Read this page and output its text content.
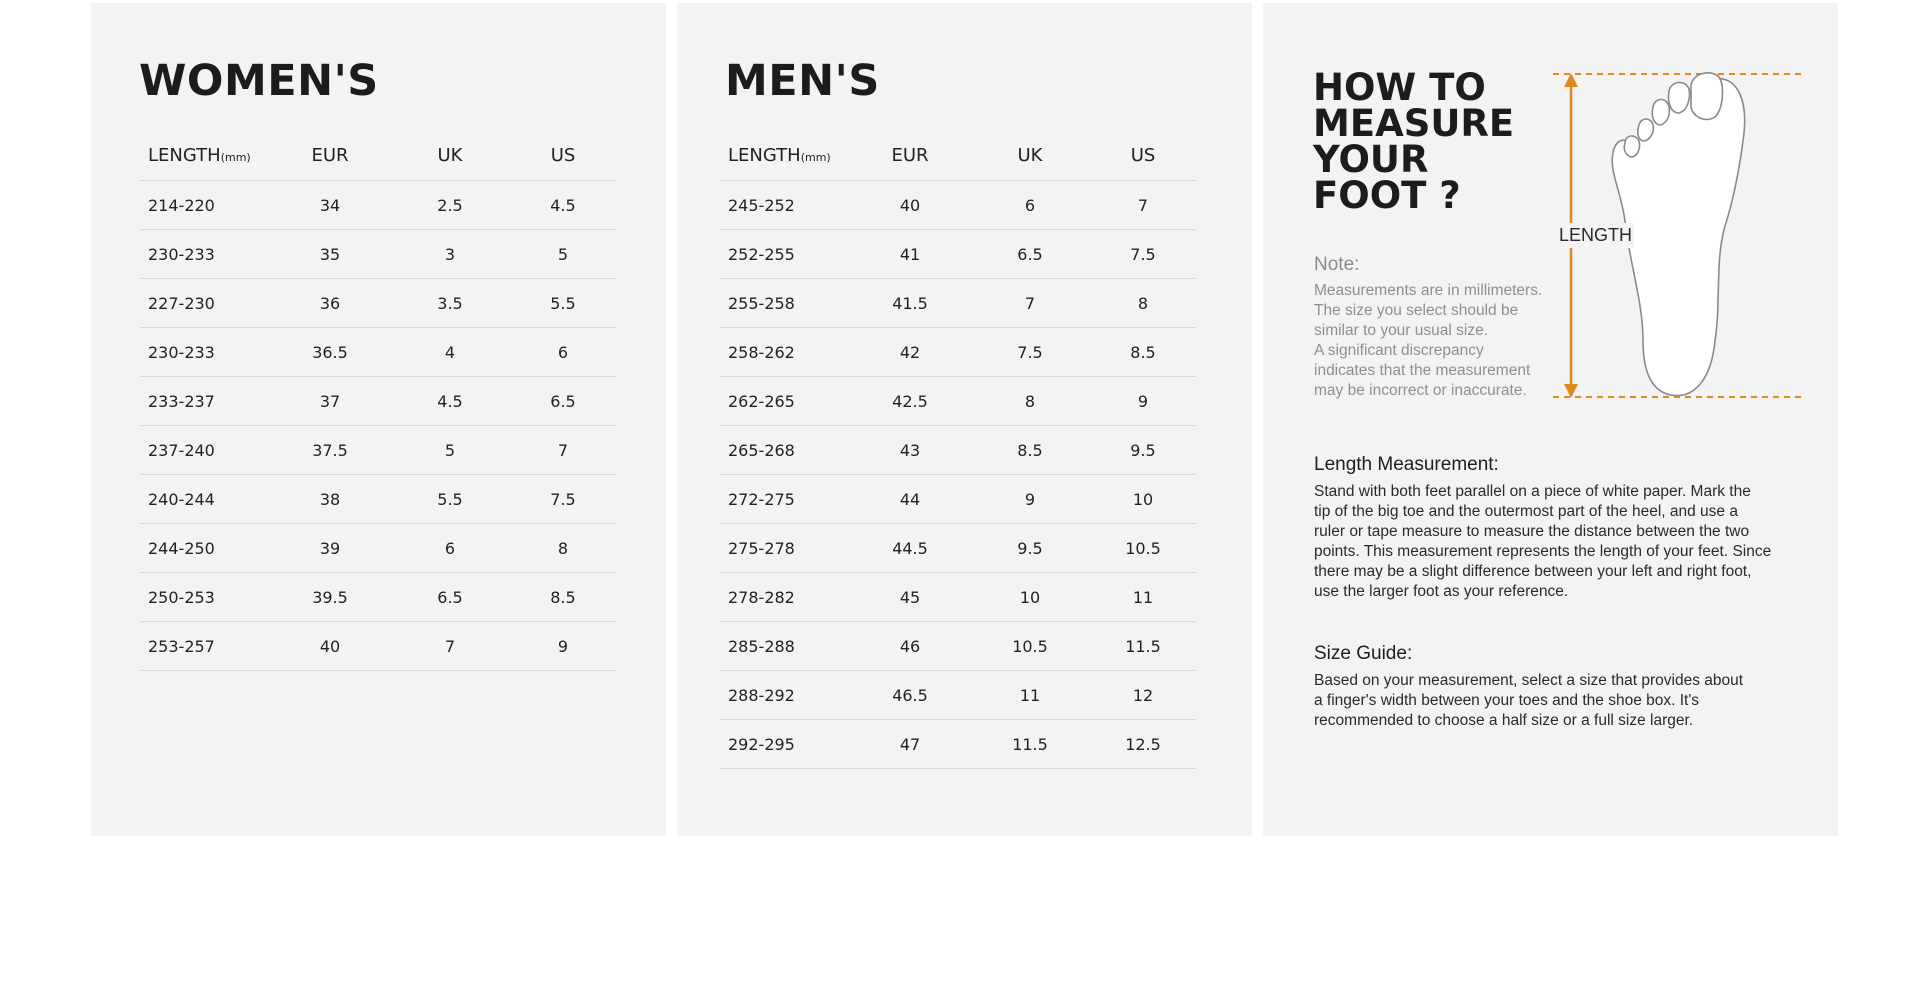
WOMEN'S
LENGTH(mm)	EUR	UK	US
214-220	34	2.5	4.5
230-233	35	3	5
227-230	36	3.5	5.5
230-233	36.5	4	6
233-237	37	4.5	6.5
237-240	37.5	5	7
240-244	38	5.5	7.5
244-250	39	6	8
250-253	39.5	6.5	8.5
253-257	40	7	9
MEN'S
LENGTH(mm)	EUR	UK	US
245-252	40	6	7
252-255	41	6.5	7.5
255-258	41.5	7	8
258-262	42	7.5	8.5
262-265	42.5	8	9
265-268	43	8.5	9.5
272-275	44	9	10
275-278	44.5	9.5	10.5
278-282	45	10	11
285-288	46	10.5	11.5
288-292	46.5	11	12
292-295	47	11.5	12.5
HOW TO
MEASURE
YOUR
FOOT ?
Note:
Measurements are in millimeters.
The size you select should be
similar to your usual size.
A significant discrepancy
indicates that the measurement
may be incorrect or inaccurate.
LENGTH
Length Measurement:
Stand with both feet parallel on a piece of white paper. Mark the
tip of the big toe and the outermost part of the heel, and use a
ruler or tape measure to measure the distance between the two
points. This measurement represents the length of your feet. Since
there may be a slight difference between your left and right foot,
use the larger foot as your reference.
Size Guide:
Based on your measurement, select a size that provides about
a finger's width between your toes and the shoe box. It's
recommended to choose a half size or a full size larger.
